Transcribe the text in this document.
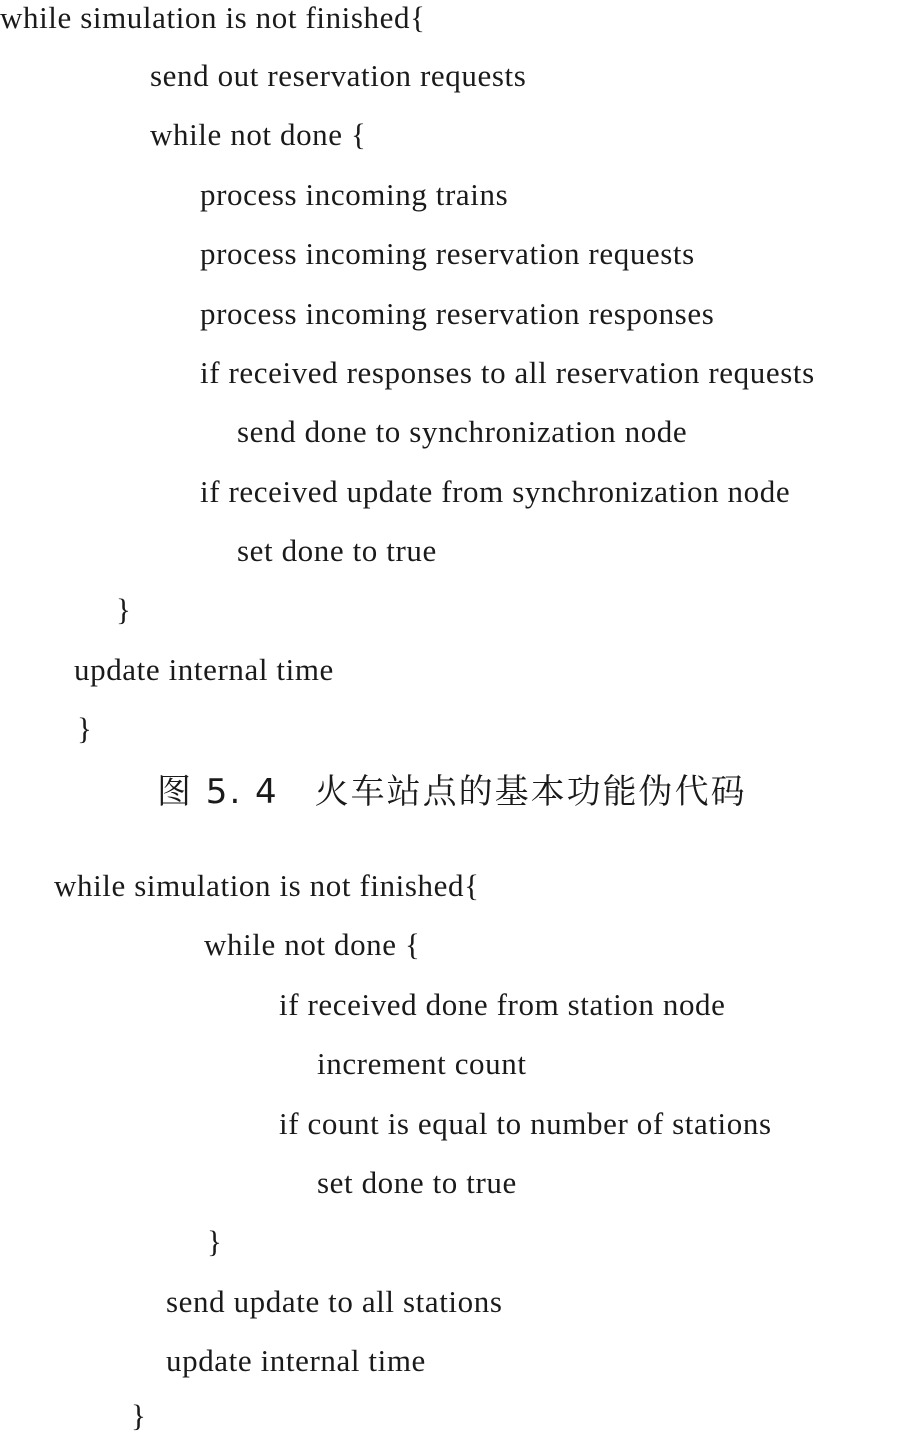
while simulation is not finished{
send out reservation requests
while not done {
process incoming trains
process incoming reservation requests
process incoming reservation responses
if received responses to all reservation requests
send done to synchronization node
if received update from synchronization node
set done to true
}
update internal time
}
图 5. 4　火车站点的基本功能伪代码
while simulation is not finished{
while not done {
if received done from station node
increment count
if count is equal to number of stations
set done to true
}
send update to all stations
update internal time
}
